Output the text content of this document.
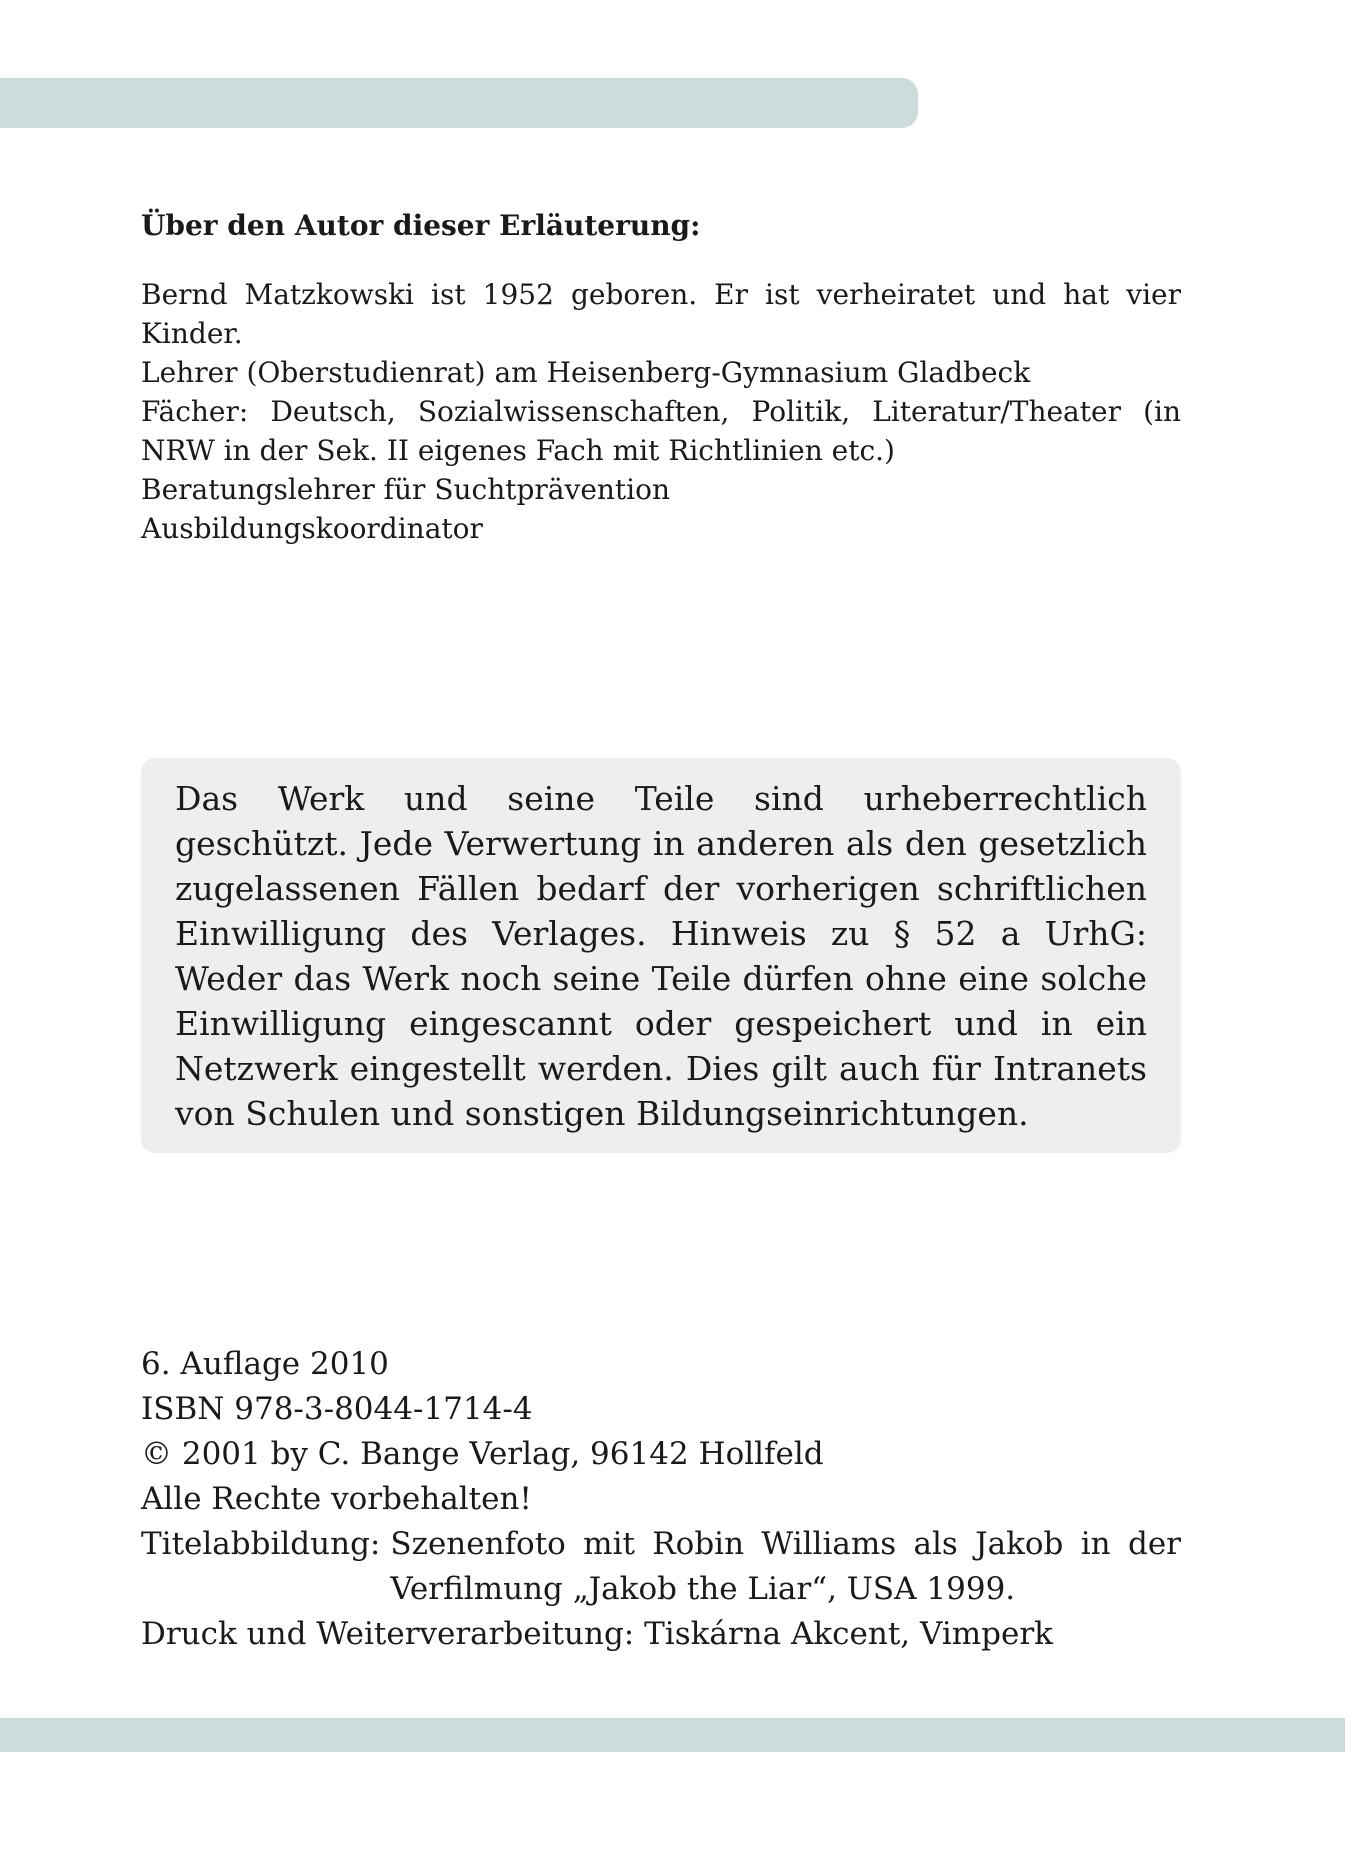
Über den Autor dieser Erläuterung:
Bernd Matzkowski ist 1952 geboren. Er ist verheiratet und hat vier Kinder.
Lehrer (Oberstudienrat) am Heisenberg-Gymnasium Gladbeck
Fächer: Deutsch, Sozialwissenschaften, Politik, Literatur/Theater (in NRW in der Sek. II eigenes Fach mit Richtlinien etc.)
Beratungslehrer für Suchtprävention
Ausbildungskoordinator
Das Werk und seine Teile sind urheberrechtlich geschützt. Jede Verwertung in anderen als den gesetzlich zugelassenen Fällen bedarf der vorherigen schriftlichen Einwilligung des Verlages. Hinweis zu § 52 a UrhG: Weder das Werk noch seine Teile dürfen ohne eine solche Einwilligung eingescannt oder gespeichert und in ein Netzwerk eingestellt werden. Dies gilt auch für Intranets von Schulen und sonstigen Bildungseinrichtungen.
6. Auflage 2010
ISBN 978-3-8044-1714-4
© 2001 by C. Bange Verlag, 96142 Hollfeld
Alle Rechte vorbehalten!
Titelabbildung: Szenenfoto mit Robin Williams als Jakob in der
Verfilmung „Jakob the Liar“, USA 1999.
Druck und Weiterverarbeitung: Tiskárna Akcent, Vimperk
